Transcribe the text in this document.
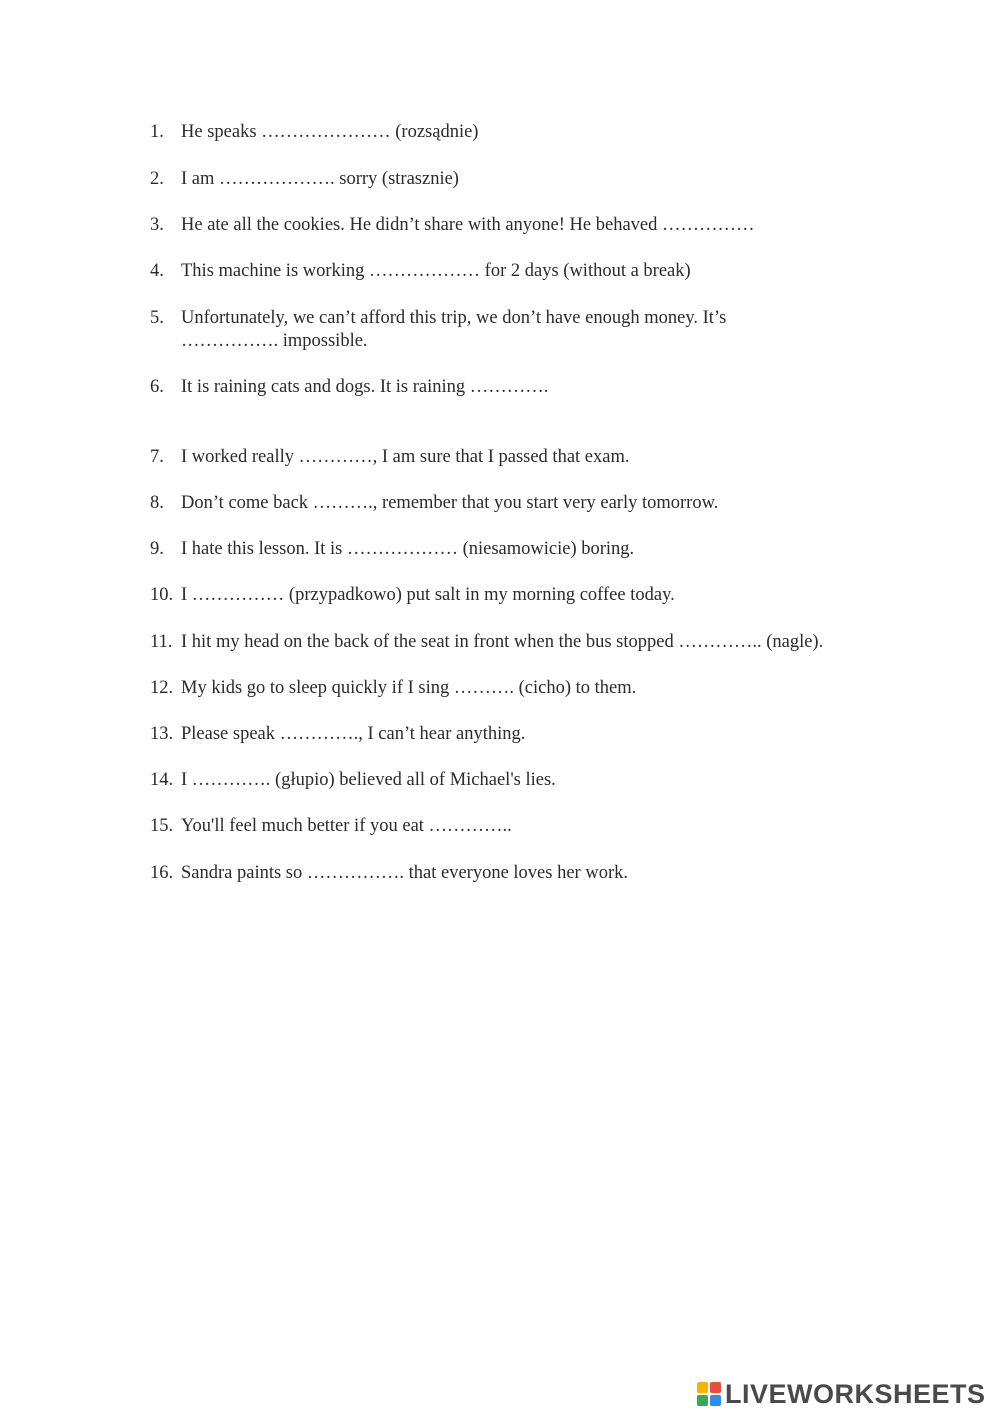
1. He speaks ………………… (rozsądnie)
2. I am ………………. sorry (strasznie)
3. He ate all the cookies. He didn’t share with anyone! He behaved ……………
4. This machine is working ……………… for 2 days (without a break)
5. Unfortunately, we can’t afford this trip, we don’t have enough money. It’s ……………. impossible.
6. It is raining cats and dogs. It is raining ………….
7. I worked really …………, I am sure that I passed that exam.
8. Don’t come back ………., remember that you start very early tomorrow.
9. I hate this lesson. It is ……………… (niesamowicie) boring.
10. I …………… (przypadkowo) put salt in my morning coffee today.
11. I hit my head on the back of the seat in front when the bus stopped ………….. (nagle).
12. My kids go to sleep quickly if I sing ………. (cicho) to them.
13. Please speak …………., I can’t hear anything.
14. I …………. (głupio) believed all of Michael's lies.
15. You'll feel much better if you eat …………..
16. Sandra paints so ……………. that everyone loves her work.
LIVEWORKSHEETS
